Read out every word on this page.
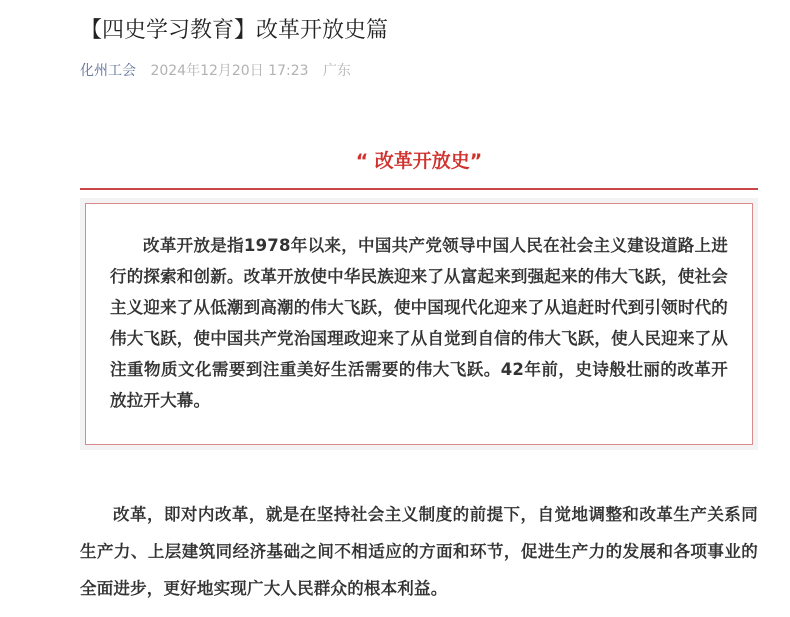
【四史学习教育】改革开放史篇
化州工会 2024年12月20日 17:23 广东
“ 改革开放史”

改革开放是指1978年以来，中国共产党领导中国人民在社会主义建设道路上进行的探索和创新。改革开放使中华民族迎来了从富起来到强起来的伟大飞跃，使社会主义迎来了从低潮到高潮的伟大飞跃，使中国现代化迎来了从追赶时代到引领时代的伟大飞跃，使中国共产党治国理政迎来了从自觉到自信的伟大飞跃，使人民迎来了从注重物质文化需要到注重美好生活需要的伟大飞跃。42年前，史诗般壮丽的改革开放拉开大幕。

改革，即对内改革，就是在坚持社会主义制度的前提下，自觉地调整和改革生产关系同生产力、上层建筑同经济基础之间不相适应的方面和环节，促进生产力的发展和各项事业的全面进步，更好地实现广大人民群众的根本利益。
